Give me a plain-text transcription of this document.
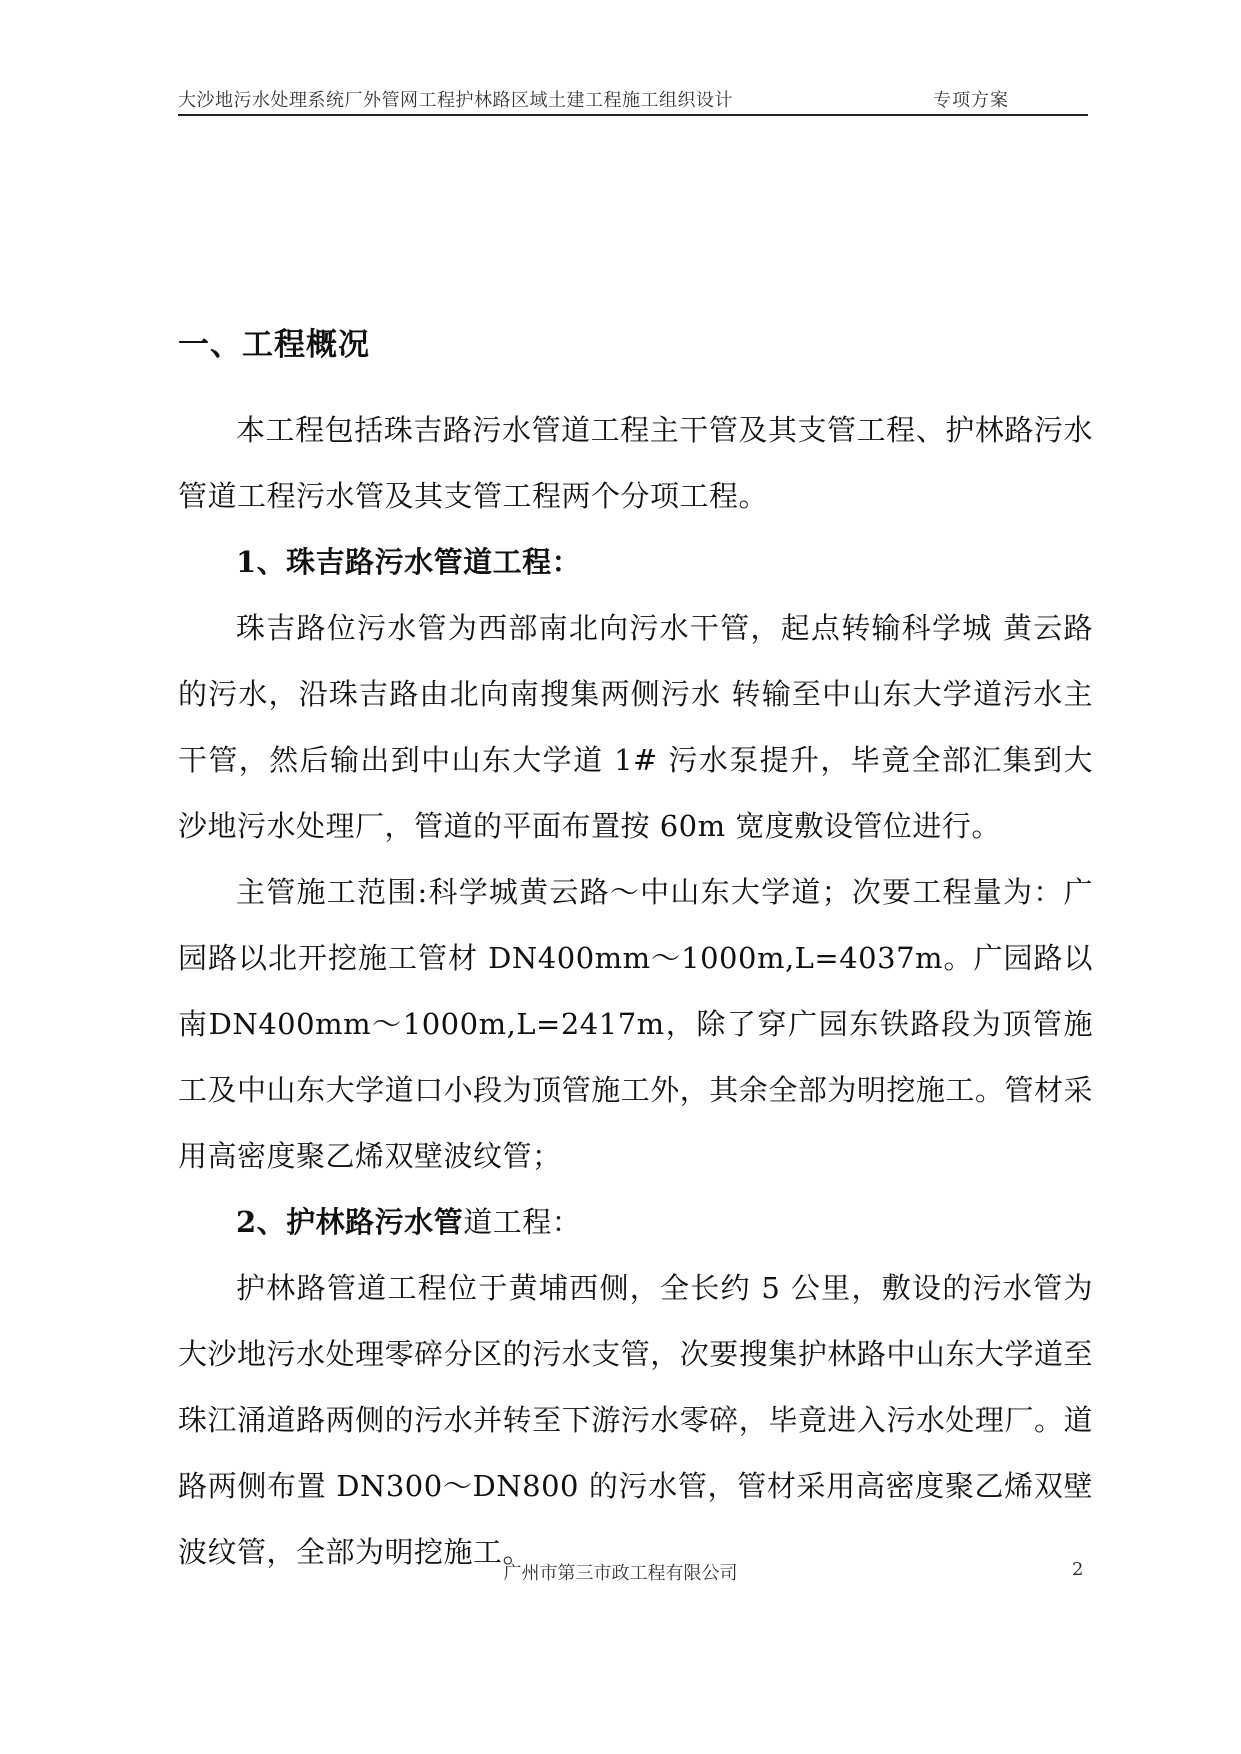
大沙地污水处理系统厂外管网工程护林路区域土建工程施工组织设计	专项方案
一、工程概况

本工程包括珠吉路污水管道工程主干管及其支管工程、护林路污水管道工程污水管及其支管工程两个分项工程。

1、珠吉路污水管道工程：

珠吉路位污水管为西部南北向污水干管，起点转输科学城 黄云路的污水，沿珠吉路由北向南搜集两侧污水 转输至中山东大学道污水主干管，然后输出到中山东大学道 1# 污水泵提升，毕竟全部汇集到大沙地污水处理厂，管道的平面布置按 60m 宽度敷设管位进行。

主管施工范围:科学城黄云路～中山东大学道；次要工程量为：广园路以北开挖施工管材 DN400mm～1000m,L=4037m。广园路以南DN400mm～1000m,L=2417m，除了穿广园东铁路段为顶管施工及中山东大学道口小段为顶管施工外，其余全部为明挖施工。管材采用高密度聚乙烯双壁波纹管；

2、护林路污水管道工程：

护林路管道工程位于黄埔西侧，全长约 5 公里，敷设的污水管为大沙地污水处理零碎分区的污水支管，次要搜集护林路中山东大学道至珠江涌道路两侧的污水并转至下游污水零碎，毕竟进入污水处理厂。道路两侧布置 DN300～DN800 的污水管，管材采用高密度聚乙烯双壁波纹管，全部为明挖施工。

广州市第三市政工程有限公司	2
